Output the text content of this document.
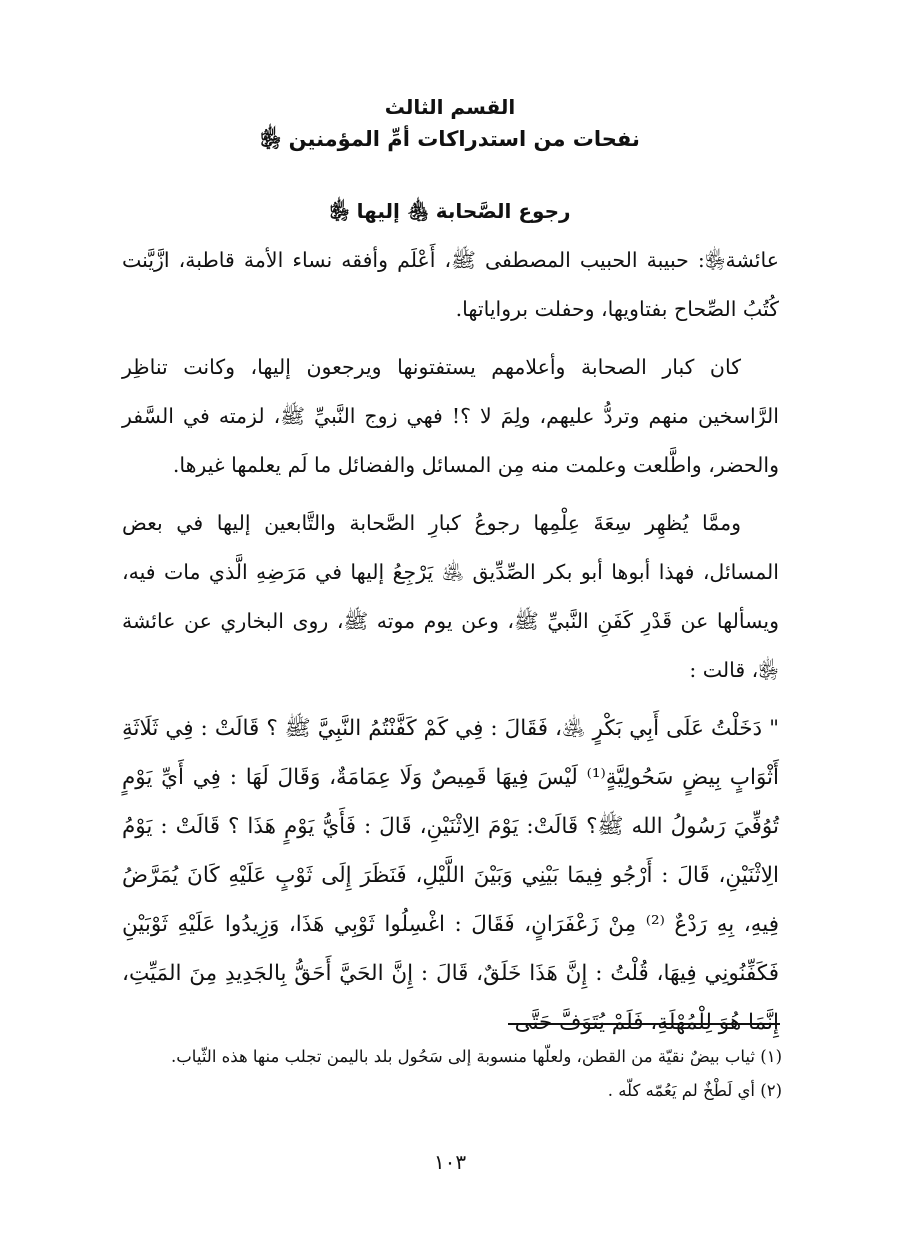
القسم الثالث
نفحات من استدراكات أمِّ المؤمنين ﵂
رجوع الصَّحابة ﵃ إليها ﵂

عائشة﵂: حبيبة الحبيب المصطفى ﷺ، أَعْلَم وأفقه نساء الأمة قاطبة، ازَّيَّنت كُتُبُ الصِّحاح بفتاويها، وحفلت برواياتها.

كان كبار الصحابة وأعلامهم يستفتونها ويرجعون إليها، وكانت تناظِر الرَّاسخين منهم وتردُّ عليهم، ولِمَ لا ؟! فهي زوج النَّبيِّ ﷺ، لزمته في السَّفر والحضر، واطَّلعت وعلمت منه مِن المسائل والفضائل ما لَم يعلمها غيرها.

وممَّا يُظهِر سِعَةَ عِلْمِها رجوعُ كبارِ الصَّحابة والتَّابعين إليها في بعض المسائل، فهذا أبوها أبو بكر الصِّدِّيق ﵁ يَرْجِعُ إليها في مَرَضِهِ الَّذي مات فيه، ويسألها عن قَدْرِ كَفَنِ النَّبيِّ ﷺ، وعن يوم موته ﷺ، روى البخاري عن عائشة ﵂، قالت :

" دَخَلْتُ عَلَى أَبِي بَكْرٍ ﵁، فَقَالَ : فِي كَمْ كَفَّنْتُمُ النَّبِيَّ ﷺ ؟ قَالَتْ : فِي ثَلَاثَةِ أَثْوَابٍ بِيضٍ سَحُولِيَّةٍ⁽¹⁾ لَيْسَ فِيهَا قَمِيصٌ وَلَا عِمَامَةٌ، وَقَالَ لَهَا : فِي أَيِّ يَوْمٍ تُوُفِّيَ رَسُولُ الله ﷺ؟ قَالَتْ: يَوْمَ الِاثْنَيْنِ، قَالَ : فَأَيُّ يَوْمٍ هَذَا ؟ قَالَتْ : يَوْمُ الِاثْنَيْنِ، قَالَ : أَرْجُو فِيمَا بَيْنِي وَبَيْنَ اللَّيْلِ، فَنَظَرَ إِلَى ثَوْبٍ عَلَيْهِ كَانَ يُمَرَّضُ فِيهِ، بِهِ رَدْعٌ ⁽²⁾ مِنْ زَعْفَرَانٍ، فَقَالَ : اغْسِلُوا ثَوْبِي هَذَا، وَزِيدُوا عَلَيْهِ ثَوْبَيْنِ فَكَفِّنُونِي فِيهَا، قُلْتُ : إِنَّ هَذَا خَلَقٌ، قَالَ : إِنَّ الحَيَّ أَحَقُّ بِالجَدِيدِ مِنَ المَيِّتِ، إِنَّمَا هُوَ لِلْمُهْلَةِ، فَلَمْ يُتَوَفَّ حَتَّى

(١) ثياب بيضٌ نقيّة من القطن، ولعلّها منسوبة إلى سَحُول بلد باليمن تجلب منها هذه الثّياب.
(٢) أي لَطْخٌ لم يَعُمّه كلّه .
١٠٣
